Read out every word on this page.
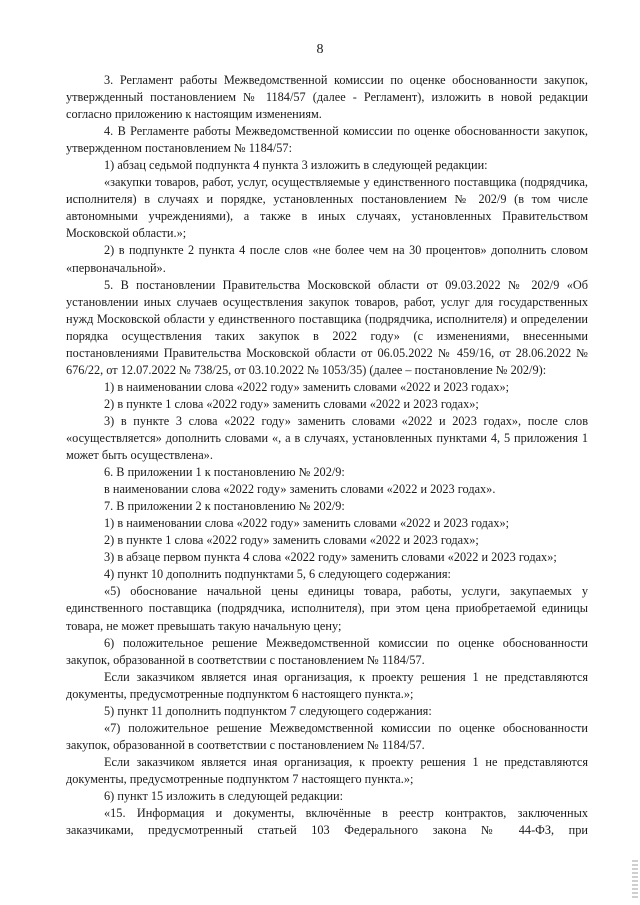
8

3. Регламент работы Межведомственной комиссии по оценке обоснованности закупок, утвержденный постановлением № 1184/57 (далее - Регламент), изложить в новой редакции согласно приложению к настоящим изменениям.

4. В Регламенте работы Межведомственной комиссии по оценке обоснованности закупок, утвержденном постановлением № 1184/57:

1) абзац седьмой подпункта 4 пункта 3 изложить в следующей редакции:

«закупки товаров, работ, услуг, осуществляемые у единственного поставщика (подрядчика, исполнителя) в случаях и порядке, установленных постановлением № 202/9 (в том числе автономными учреждениями), а также в иных случаях, установленных Правительством Московской области.»;

2) в подпункте 2 пункта 4 после слов «не более чем на 30 процентов» дополнить словом «первоначальной».

5. В постановлении Правительства Московской области от 09.03.2022 № 202/9 «Об установлении иных случаев осуществления закупок товаров, работ, услуг для государственных нужд Московской области у единственного поставщика (подрядчика, исполнителя) и определении порядка осуществления таких закупок в 2022 году» (с изменениями, внесенными постановлениями Правительства Московской области от 06.05.2022 № 459/16, от 28.06.2022 № 676/22, от 12.07.2022 № 738/25, от 03.10.2022 № 1053/35) (далее – постановление № 202/9):

1) в наименовании слова «2022 году» заменить словами «2022 и 2023 годах»;

2) в пункте 1 слова «2022 году» заменить словами «2022 и 2023 годах»;

3) в пункте 3 слова «2022 году» заменить словами «2022 и 2023 годах», после слов «осуществляется» дополнить словами «, а в случаях, установленных пунктами 4, 5 приложения 1 может быть осуществлена».

6. В приложении 1 к постановлению № 202/9:

в наименовании слова «2022 году» заменить словами «2022 и 2023 годах».

7. В приложении 2 к постановлению № 202/9:

1) в наименовании слова «2022 году» заменить словами «2022 и 2023 годах»;

2) в пункте 1 слова «2022 году» заменить словами «2022 и 2023 годах»;

3) в абзаце первом пункта 4 слова «2022 году» заменить словами «2022 и 2023 годах»;

4) пункт 10 дополнить подпунктами 5, 6 следующего содержания:

«5) обоснование начальной цены единицы товара, работы, услуги, закупаемых у единственного поставщика (подрядчика, исполнителя), при этом цена приобретаемой единицы товара, не может превышать такую начальную цену;

6) положительное решение Межведомственной комиссии по оценке обоснованности закупок, образованной в соответствии с постановлением № 1184/57.

Если заказчиком является иная организация, к проекту решения 1 не представляются документы, предусмотренные подпунктом 6 настоящего пункта.»;

5) пункт 11 дополнить подпунктом 7 следующего содержания:

«7) положительное решение Межведомственной комиссии по оценке обоснованности закупок, образованной в соответствии с постановлением № 1184/57.

Если заказчиком является иная организация, к проекту решения 1 не представляются документы, предусмотренные подпунктом 7 настоящего пункта.»;

6) пункт 15 изложить в следующей редакции:

«15. Информация и документы, включённые в реестр контрактов, заключенных заказчиками, предусмотренный статьей 103 Федерального закона № 44-ФЗ, при
